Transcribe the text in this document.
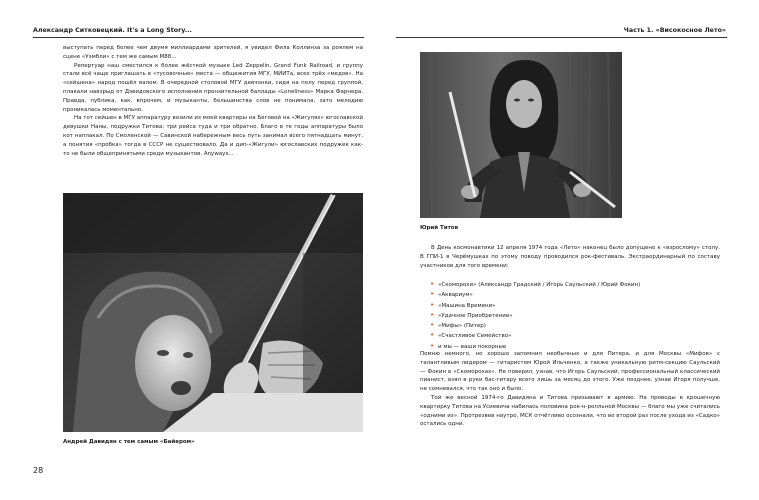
Александр Ситковецкий. It's a Long Story...	Часть 1. «Високосное Лето»

выступать перед более чем двумя миллиардами зрителей, я увидел Фила Коллинза за роялем на сцене «Уэмбли» с тем же самым М88...

Репертуар наш сместился к более жёсткой музыке Led Zeppelin, Grand Funk Railroad, и группу стали всё чаще приглашать в «тусовочные» места — общежития МГУ, МИИТа, всех трёх «медов». На «сейшена» народ пошёл валом. В очередной столовой МГУ девчонки, сидя на полу перед группой, плакали навзрыд от Дэвидовского исполнения пронзительной баллады «Loneliness» Марка Фарнера. Правда, публика, как, впрочем, и музыканты, большинства слов не понимала, зато мелодию проникалась моментально.

На тот сейшен в МГУ аппаратуру возили из моей квартиры на Беговой на «Жигулях» югославской девушки Наны, подружки Титова: три рейса туда и три обратно. Благо в те годы аппаратуры было кот наплакал. По Смоленской — Савинской набережным весь путь занимал всего пятнадцать минут, а понятия «пробка» тогда в СССР не существовало. Да и дип-«Жигули» югославских подружек как-то не были общепринятыми среди музыкантов. Anyways...

Андрей Давидян с тем самым «Байером»
28
Юрий Титов

В День космонавтики 12 апреля 1974 года «Лето» наконец было допущено к «взрослому» столу. В ГПИ-1 в Черёмушках по этому поводу проводился рок-фестиваль. Экстраординарный по составу участников для того времени:

• «Скоморохи» (Александр Градский / Игорь Саульский / Юрий Фокин)
• «Аквариум»
• «Машина Времени»
• «Удачное Приобретение»
• «Мифы» (Питер)
• «Счастливое Семейство»
• и мы — ваши покорные

Помню немного, но хорошо запомнил необычных и для Питера, и для Москвы «Мифов» с талантливым лидером — гитаристом Юрой Ильченко, а также уникальную ритм-секцию Саульский — Фокин в «Скоморохах». Не поверил, узнав, что Игорь Саульский, профессиональный классический пианист, взял в руки бас-гитару всего лишь за месяц до этого. Уже позднее, узнав Игоря получше, не сомневался, что так оно и было.

Той же весной 1974-го Давидяна и Титова призывают в армию. На проводы в крошечную квартирку Титова на Усиевича набилась половина рок-н-ролльной Москвы — благо мы уже считались «одними из». Протрезвев наутро, МСК отчётливо осознали, что во второй раз после ухода из «Садко» остались одни.
